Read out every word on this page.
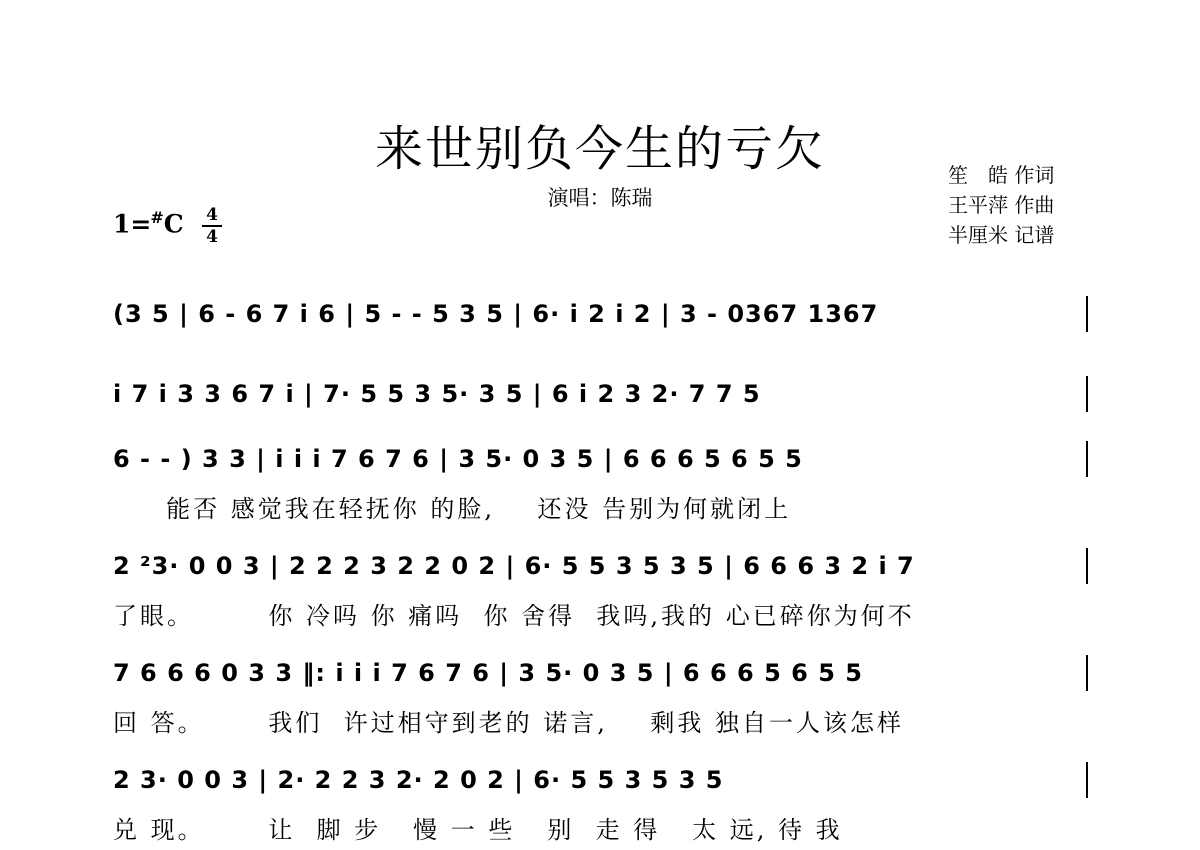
来世别负今生的亏欠
演唱：陈瑞
笙　皓 作词
王平萍 作曲
半厘米 记谱
1=#C 4
4
(3 5 | 6 - 6 7 i 6 | 5 - - 5 3 5 | 6· i 2 i 2 | 3 - 0367 1367
i 7 i 3 3 6 7 i | 7· 5 5 3 5· 3 5 | 6 i 2 3 2· 7 7 5
6 - - ) 3 3 | i i i 7 6 7 6 | 3 5· 0 3 5 | 6 6 6 5 6 5 5
能否 感觉我在轻抚你 的脸,    还没 告别为何就闭上
2 ²3· 0 0 3 | 2 2 2 3 2 2 0 2 | 6· 5 5 3 5 3 5 | 6 6 6 3 2 i 7
了眼。       你 冷吗 你 痛吗  你 舍得  我吗,我的 心已碎你为何不
7 6 6 6 0 3 3 ‖: i i i 7 6 7 6 | 3 5· 0 3 5 | 6 6 6 5 6 5 5
回 答。      我们  许过相守到老的 诺言,    剩我 独自一人该怎样
2 3· 0 0 3 | 2· 2 2 3 2· 2 0 2 | 6· 5 5 3 5 3 5
兑 现。      让  脚 步   慢 一 些   别  走 得   太 远, 待 我
